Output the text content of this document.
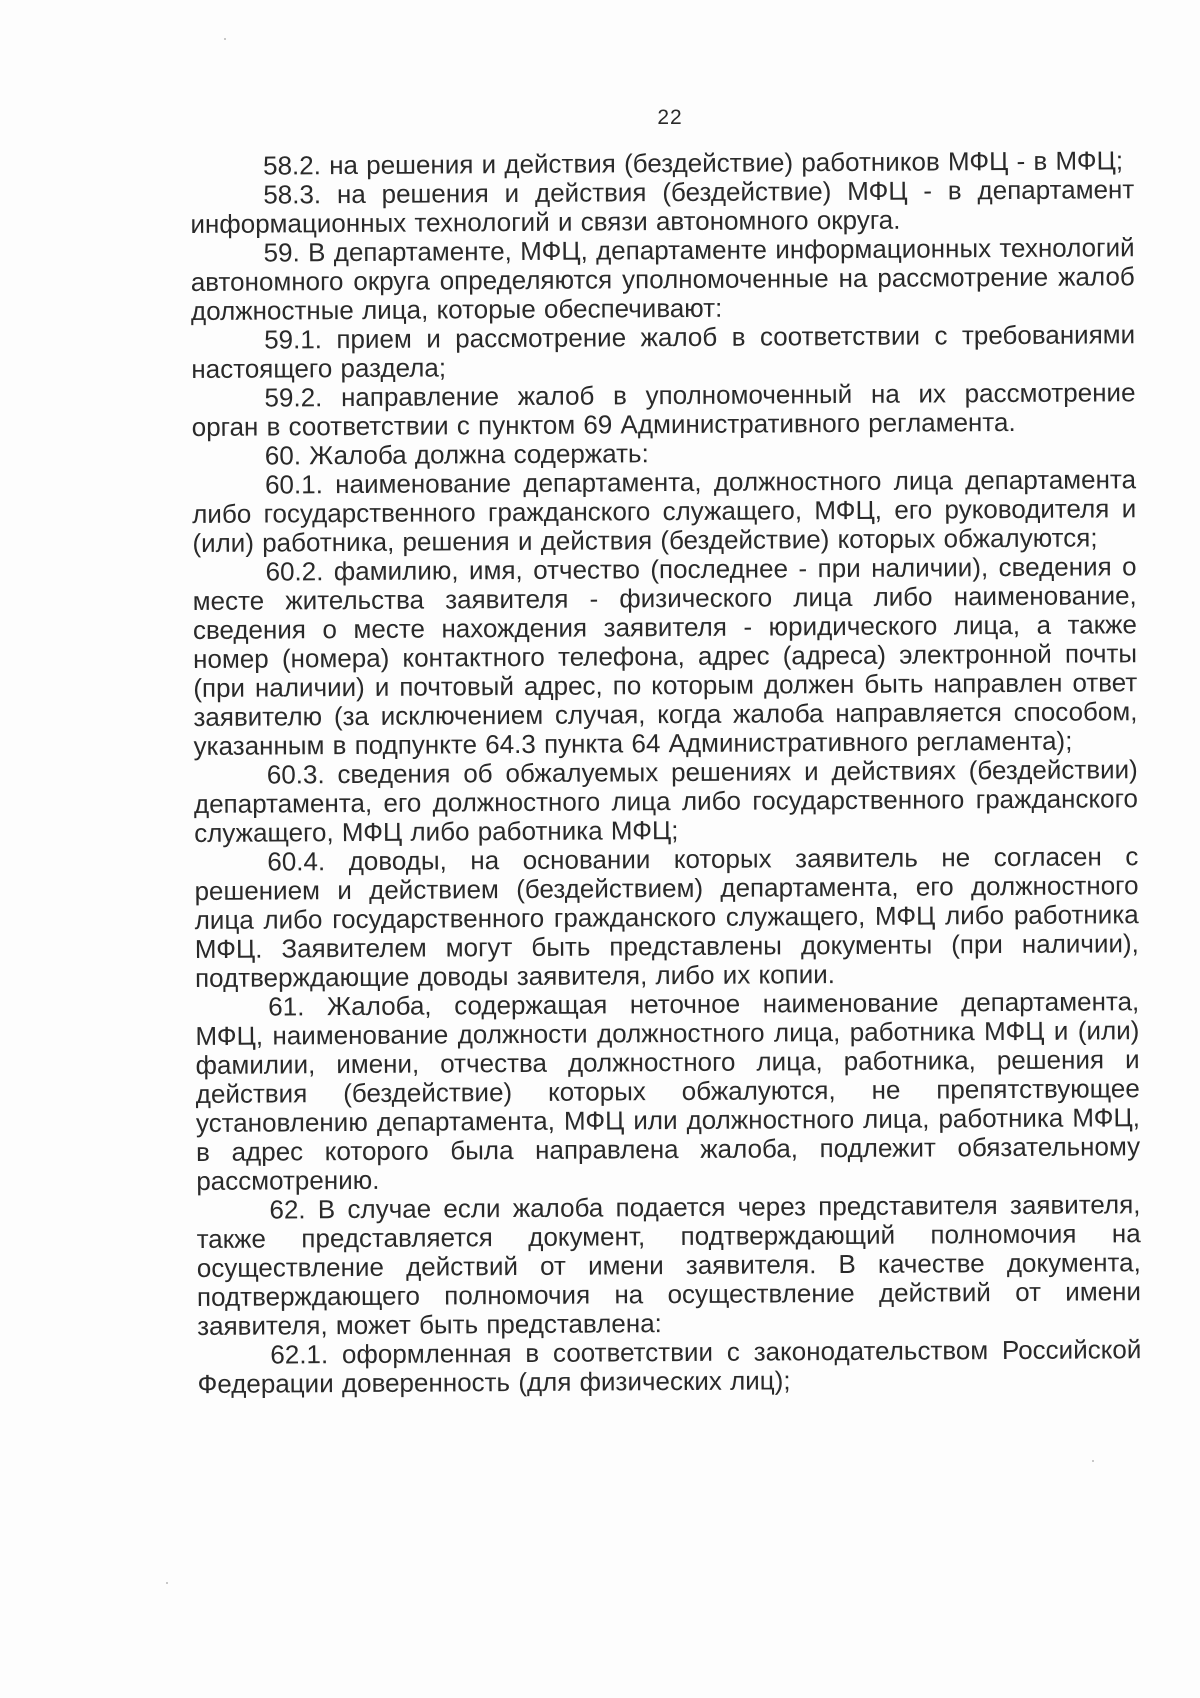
22

58.2. на решения и действия (бездействие) работников МФЦ - в МФЦ;

58.3. на решения и действия (бездействие) МФЦ - в департамент информационных технологий и связи автономного округа.

59. В департаменте, МФЦ, департаменте информационных технологий автономного округа определяются уполномоченные на рассмотрение жалоб должностные лица, которые обеспечивают:

59.1. прием и рассмотрение жалоб в соответствии с требованиями настоящего раздела;

59.2. направление жалоб в уполномоченный на их рассмотрение орган в соответствии с пунктом 69 Административного регламента.

60. Жалоба должна содержать:

60.1. наименование департамента, должностного лица департамента либо государственного гражданского служащего, МФЦ, его руководителя и (или) работника, решения и действия (бездействие) которых обжалуются;

60.2. фамилию, имя, отчество (последнее - при наличии), сведения о месте жительства заявителя - физического лица либо наименование, сведения о месте нахождения заявителя - юридического лица, а также номер (номера) контактного телефона, адрес (адреса) электронной почты (при наличии) и почтовый адрес, по которым должен быть направлен ответ заявителю (за исключением случая, когда жалоба направляется способом, указанным в подпункте 64.3 пункта 64 Административного регламента);

60.3. сведения об обжалуемых решениях и действиях (бездействии) департамента, его должностного лица либо государственного гражданского служащего, МФЦ либо работника МФЦ;

60.4. доводы, на основании которых заявитель не согласен с решением и действием (бездействием) департамента, его должностного лица либо государственного гражданского служащего, МФЦ либо работника МФЦ. Заявителем могут быть представлены документы (при наличии), подтверждающие доводы заявителя, либо их копии.

61. Жалоба, содержащая неточное наименование департамента, МФЦ, наименование должности должностного лица, работника МФЦ и (или) фамилии, имени, отчества должностного лица, работника, решения и действия (бездействие) которых обжалуются, не препятствующее установлению департамента, МФЦ или должностного лица, работника МФЦ, в адрес которого была направлена жалоба, подлежит обязательному рассмотрению.

62. В случае если жалоба подается через представителя заявителя, также представляется документ, подтверждающий полномочия на осуществление действий от имени заявителя. В качестве документа, подтверждающего полномочия на осуществление действий от имени заявителя, может быть представлена:

62.1. оформленная в соответствии с законодательством Российской Федерации доверенность (для физических лиц);
